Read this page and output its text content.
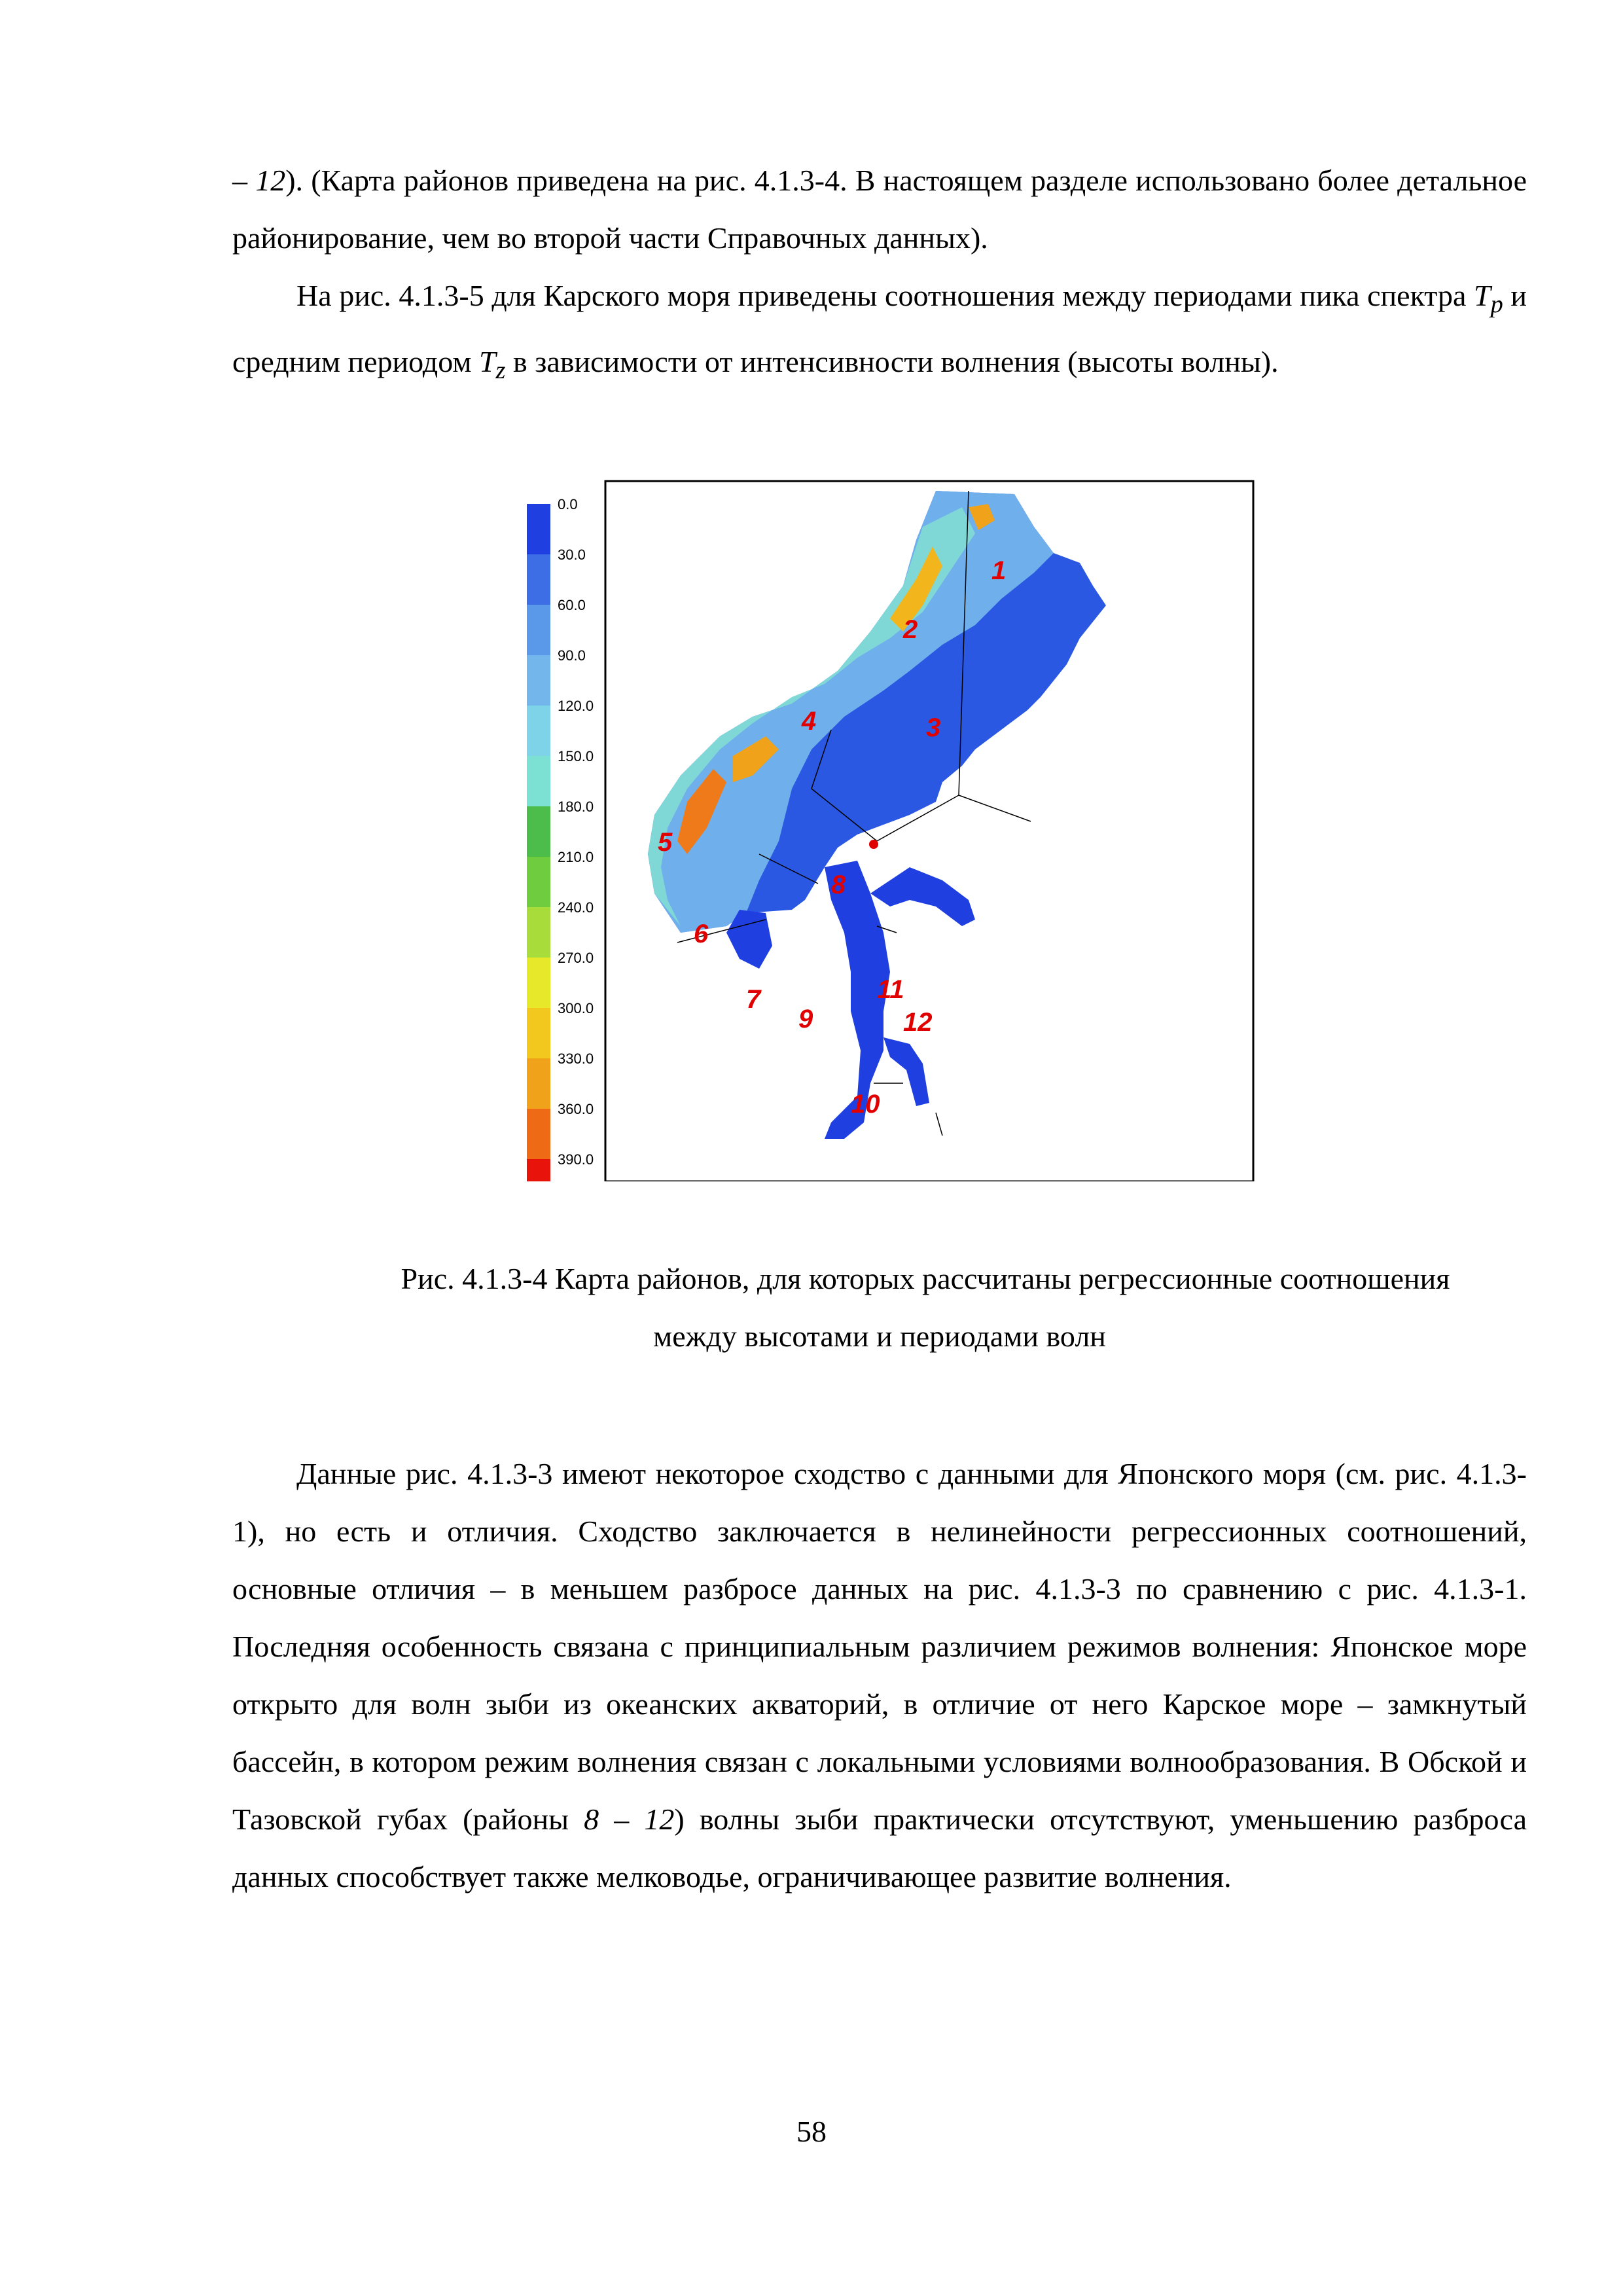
– 12). (Карта районов приведена на рис. 4.1.3-4. В настоящем разделе использовано более детальное районирование, чем во второй части Справочных данных).

На рис. 4.1.3-5 для Карского моря приведены соотношения между периодами пика спектра $T_p$ и средним периодом $T_z$ в зависимости от интенсивности волнения (высоты волны).

0.0
30.0
60.0
90.0
120.0
150.0
180.0
210.0
240.0
270.0
300.0
330.0
360.0
390.0
1
2
3
4
5
6
7
8
9
10
11
12
Рис. 4.1.3-4 Карта районов, для которых рассчитаны регрессионные соотношения
между высотами и периодами волн

Данные рис. 4.1.3-3 имеют некоторое сходство с данными для Японского моря (см. рис. 4.1.3-1), но есть и отличия. Сходство заключается в нелинейности регрессионных соотношений, основные отличия – в меньшем разбросе данных на рис. 4.1.3-3 по сравнению с рис. 4.1.3-1. Последняя особенность связана с принципиальным различием режимов волнения: Японское море открыто для волн зыби из океанских акваторий, в отличие от него Карское море – замкнутый бассейн, в котором режим волнения связан с локальными условиями волнообразования. В Обской и Тазовской губах (районы 8 – 12) волны зыби практически отсутствуют, уменьшению разброса данных способствует также мелководье, ограничивающее развитие волнения.

58
